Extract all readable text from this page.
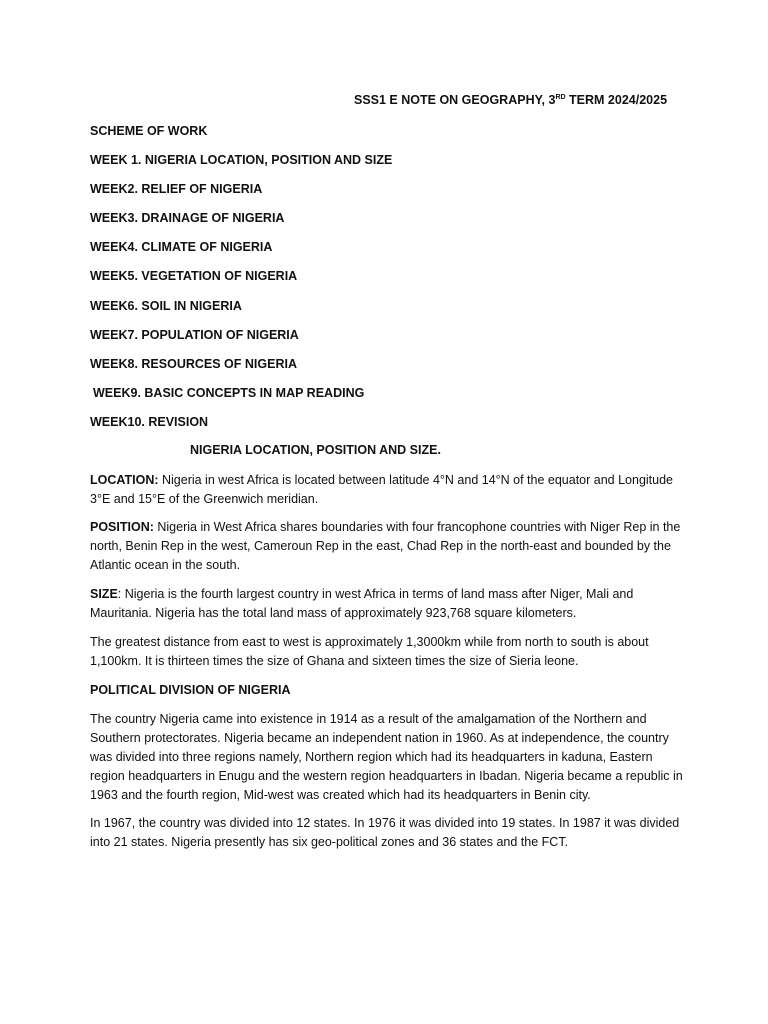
SSS1 E NOTE ON GEOGRAPHY, 3RD TERM 2024/2025
SCHEME OF WORK
WEEK 1. NIGERIA LOCATION, POSITION AND SIZE
WEEK2. RELIEF OF NIGERIA
WEEK3. DRAINAGE OF NIGERIA
WEEK4. CLIMATE OF NIGERIA
WEEK5. VEGETATION OF NIGERIA
WEEK6. SOIL IN NIGERIA
WEEK7. POPULATION OF NIGERIA
WEEK8. RESOURCES OF NIGERIA
WEEK9. BASIC CONCEPTS IN MAP READING
WEEK10. REVISION
NIGERIA LOCATION, POSITION AND SIZE.

LOCATION: Nigeria in west Africa is located between latitude 4°N and 14°N of the equator and Longitude 3°E and 15°E of the Greenwich meridian.

POSITION: Nigeria in West Africa shares boundaries with four francophone countries with Niger Rep in the north, Benin Rep in the west, Cameroun Rep in the east, Chad Rep in the north-east and bounded by the Atlantic ocean in the south.

SIZE: Nigeria is the fourth largest country in west Africa in terms of land mass after Niger, Mali and Mauritania. Nigeria has the total land mass of approximately 923,768 square kilometers.

The greatest distance from east to west is approximately 1,3000km while from north to south is about 1,100km. It is thirteen times the size of Ghana and sixteen times the size of Sieria leone.

POLITICAL DIVISION OF NIGERIA

The country Nigeria came into existence in 1914 as a result of the amalgamation of the Northern and Southern protectorates. Nigeria became an independent nation in 1960. As at independence, the country was divided into three regions namely, Northern region which had its headquarters in kaduna, Eastern region headquarters in Enugu and the western region headquarters in Ibadan. Nigeria became a republic in 1963 and the fourth region, Mid-west was created which had its headquarters in Benin city.

In 1967, the country was divided into 12 states. In 1976 it was divided into 19 states. In 1987 it was divided into 21 states. Nigeria presently has six geo-political zones and 36 states and the FCT.
